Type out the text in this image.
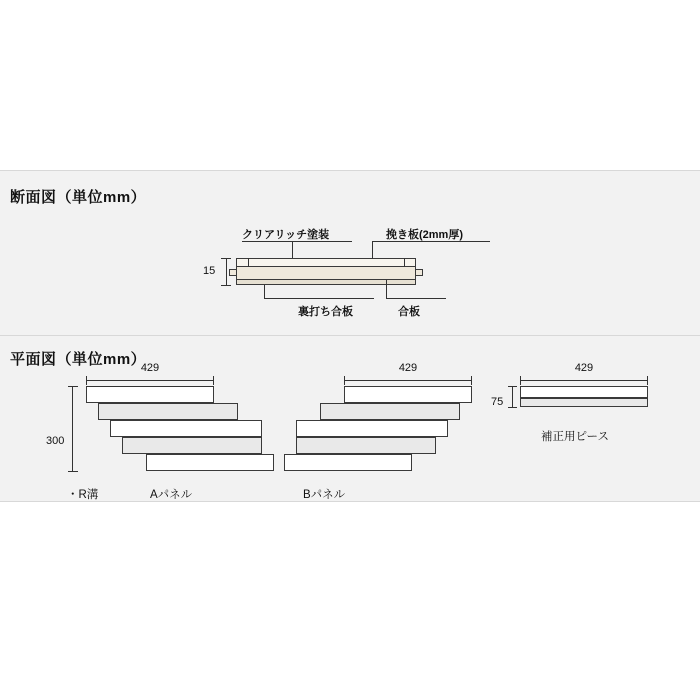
断面図（単位mm）
15
クリアリッチ塗装	挽き板(2mm厚)
裏打ち合板	合板
平面図（単位mm）
429	429	429
300
75
・R溝	Aパネル	Bパネル
補正用ピース
